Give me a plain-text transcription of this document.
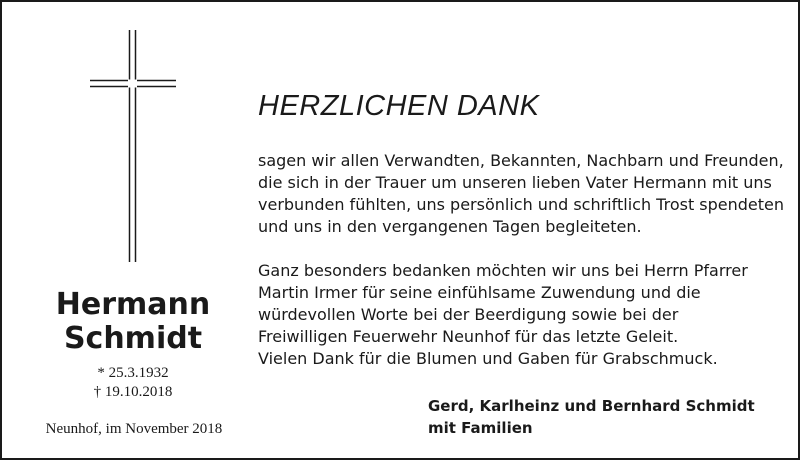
HERZLICHEN DANK

sagen wir allen Verwandten, Bekannten, Nachbarn und Freunden,
die sich in der Trauer um unseren lieben Vater Hermann mit uns
verbunden fühlten, uns persönlich und schriftlich Trost spendeten
und uns in den vergangenen Tagen begleiteten.

Ganz besonders bedanken möchten wir uns bei Herrn Pfarrer
Martin Irmer für seine einfühlsame Zuwendung und die
würdevollen Worte bei der Beerdigung sowie bei der
Freiwilligen Feuerwehr Neunhof für das letzte Geleit.
Vielen Dank für die Blumen und Gaben für Grabschmuck.

Hermann
Schmidt
* 25.3.1932
† 19.10.2018
Neunhof, im November 2018
Gerd, Karlheinz und Bernhard Schmidt
mit Familien
